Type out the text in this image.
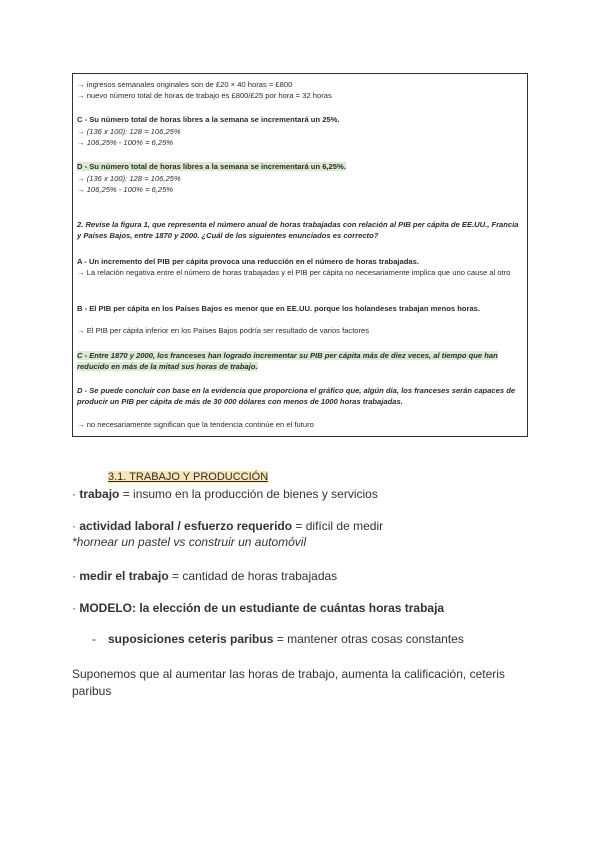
→ ingresos semanales originales son de £20 × 40 horas = £800
→ nuevo número total de horas de trabajo es £800/£25 por hora = 32 horas
C - Su número total de horas libres a la semana se incrementará un 25%.
→ (136 x 100): 128 = 106,25%
→ 106,25% - 100% = 6,25%
D - Su número total de horas libres a la semana se incrementará un 6,25%.
→ (136 x 100): 128 = 106,25%
→ 106,25% - 100% = 6,25%
2. Revise la figura 1, que representa el número anual de horas trabajadas con relación al PIB per cápita de EE.UU., Francia y Países Bajos, entre 1870 y 2000. ¿Cuál de los siguientes enunciados es correcto?
A - Un incremento del PIB per cápita provoca una reducción en el número de horas trabajadas.
→ La relación negativa entre el número de horas trabajadas y el PIB per cápita no necesariamente implica que uno cause al otro
B - El PIB per cápita en los Países Bajos es menor que en EE.UU. porque los holandeses trabajan menos horas.
→ El PIB per cápita inferior en los Países Bajos podría ser resultado de varios factores
C - Entre 1870 y 2000, los franceses han logrado incrementar su PIB per cápita más de diez veces, al tiempo que han reducido en más de la mitad sus horas de trabajo.
D - Se puede concluir con base en la evidencia que proporciona el gráfico que, algún día, los franceses serán capaces de producir un PIB per cápita de más de 30 000 dólares con menos de 1000 horas trabajadas.
→ no necesariamente significan que la tendencia continúe en el futuro
3.1. TRABAJO Y PRODUCCIÓN
· trabajo = insumo en la producción de bienes y servicios
· actividad laboral / esfuerzo requerido = difícil de medir
*hornear un pastel vs construir un automóvil
· medir el trabajo = cantidad de horas trabajadas
· MODELO: la elección de un estudiante de cuántas horas trabaja
- suposiciones ceteris paribus = mantener otras cosas constantes
Suponemos que al aumentar las horas de trabajo, aumenta la calificación, ceteris paribus
